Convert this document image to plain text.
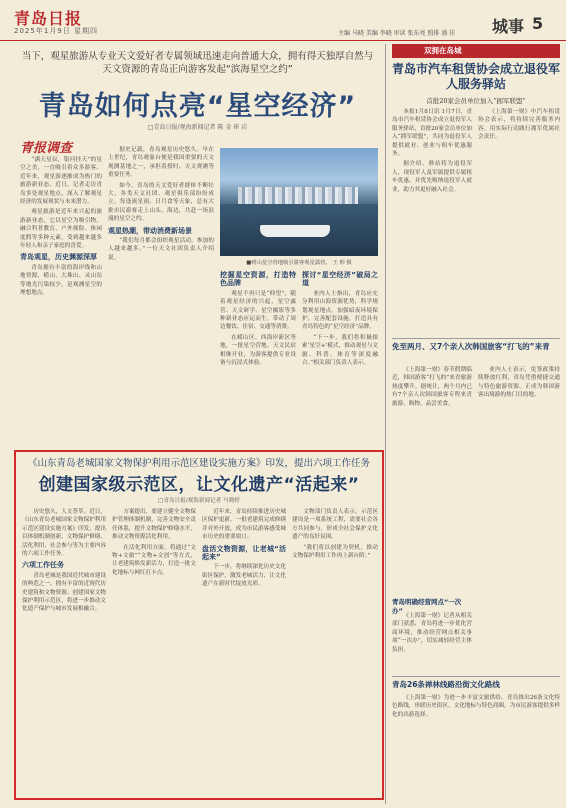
青岛日报
2025年1月9日 星期四	主编 马晓 美编 李晓 审读 张东亮 照排 盛 佳 城事 5
当下，观星旅游从专业天文爱好者专属领域迅速走向普通大众，拥有得天独厚自然与天文资源的青岛正向游客发起“滨海星空之约”
青岛如何点亮“星空经济”
□青岛日报/观海新闻记者 陈 金 崔 岩
青报调查

“满天星辰，银河挂天”的星空之美，一直吸引着众多游客。近年来，观星游逐渐成为热门的旅游新业态。近日，记者走访青岛多处观星地点，深入了解观星经济的发展现状与未来潜力。

观星旅游是近年来兴起的旅游新业态，它以星空为吸引物，融合科普教育、户外探险、休闲度假等多种元素，受到越来越多年轻人和亲子家庭的喜爱。

青岛观星，历史渊源深厚

青岛拥有丰富的海岸线和山地资源，崂山、大珠山、灵山岛等地光污染较少，是观测星空的理想地点。

据史记载，青岛观星历史悠久。早在上世纪，青岛观象台便是我国重要的天文观测基地之一，承担着授时、天文观测等重要任务。

如今，青岛的天文爱好者群体不断壮大，各类天文社团、观星俱乐部纷纷成立。每逢流星雨、日月食等天象，总有大批市民游客走上山头、海边，共赴一场浪漫的星空之约。

观星热潮，带动消费新场景

“我们每月都会组织观星活动，参加的人越来越多。”一位天文社团负责人介绍说。

■崂山星空营地吸引游客观星露营。 王 帅 摄
挖掘星空资源，打造特色品牌

观星不再只是“仰望”，随着观星经济的兴起，星空露营、天文研学、星空摄影等多种新业态应运而生，带动了周边餐饮、住宿、交通等消费。

在崂山区、西海岸新区等地，一批星空营地、天文民宿相继开业，为游客提供专业设备与沉浸式体验。

探讨“星空经济”破局之道

业内人士指出，青岛应充分利用山海资源优势，科学规划观星地点，加强暗夜环境保护，完善配套设施，打造具有青岛特色的“星空经济”品牌。

“下一步，我们将积极探索‘星空+’模式，推动观星与文旅、科普、体育等深度融合。”相关部门负责人表示。

《山东青岛老城国家文物保护利用示范区建设实施方案》印发，提出六项工作任务
创建国家级示范区，让文化遗产“活起来”
□青岛日报/观海新闻记者 马晓婷

历史悠久，人文荟萃。近日，《山东青岛老城国家文物保护利用示范区建设实施方案》印发，提出以体制机制创新、文物保护修缮、活化利用、社会参与等为主要内容的六项工作任务。

六项工作任务

青岛老城是我国近代城市建设的典范之一，拥有丰富的近现代历史建筑和文物资源。创建国家文物保护利用示范区，将进一步推动文化遗产保护与城市发展相融合。

方案提出，要建立健全文物保护管理体制机制，完善文物安全责任体系，提升文物保护修缮水平，推动文物资源活化利用。

在活化利用方面，将通过“文物+文旅”“文物+文创”等方式，让老建筑焕发新活力，打造一批文化地标与网红打卡点。

近年来，青岛持续推进历史城区保护更新，一批老建筑完成修缮并对外开放，成为市民游客感受城市历史的重要窗口。

盘活文物资源，让老城“活起来”

下一步，将继续深化历史文化街区保护，激发老城活力，让文化遗产在新时代绽放光彩。

文物部门负责人表示，示范区建设是一项系统工程，需要社会各方共同参与，形成全社会保护文化遗产的良好氛围。

“我们将以创建为契机，推动文物保护利用工作再上新台阶。”

双拥在岛城
青岛市汽车租赁协会成立退役军人服务驿站
首批20家会员单位加入“拥军联盟”

本报1月8日讯 1月7日，青岛市汽车租赁协会成立退役军人服务驿站，首批20家会员单位加入“拥军联盟”，共同为退役军人提供就业、创业与租车优惠服务。

据介绍，驿站将为退役军人、现役军人及军属提供专属租车优惠，并优先吸纳退役军人就业，助力其更好融入社会。

《上海第一财》中汽车租赁协会表示，将持续完善服务内容，用实际行动践行拥军优属社会责任。

免至两月、又7个亲人次韩国旅客“打飞的”来青

《上海第一财》春节假期临近，韩国游客“打飞的”来青旅游热度攀升。据统计，两个月内已有7个亲人次韩国旅客专程来青旅游、购物、品尝美食。

业内人士表示，免签政策持续释放红利，青岛凭借便捷交通与特色旅游资源，正成为韩国游客出境游的热门目的地。

青岛明确经营网点“一次办”

《上海第一财》记者从相关部门获悉，青岛将进一步优化营商环境，推动经营网点相关事项“一次办”，切实减轻经营主体负担。

青岛26条禅林线路沿街文化路线

《上海第一财》为进一步丰富文旅供给，青岛推出26条文化特色路线，串联历史街区、文化地标与特色商圈，为市民游客提供多样化的出游选择。
